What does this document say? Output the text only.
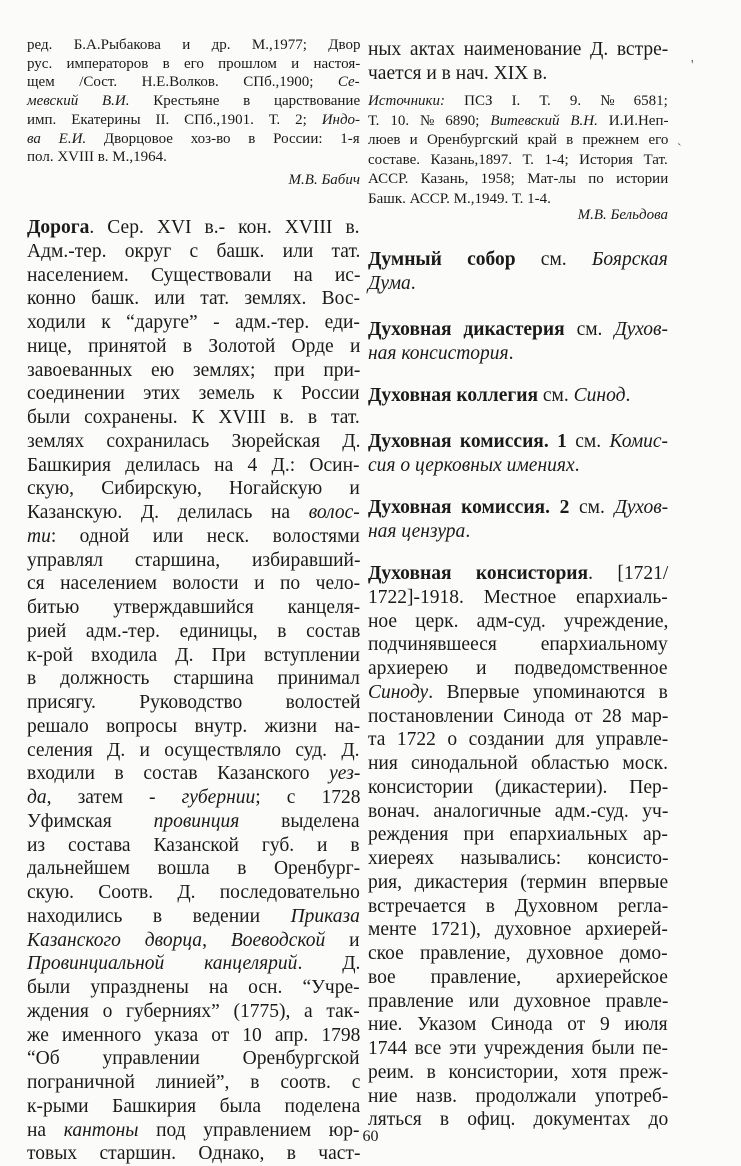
ред. Б.А.Рыбакова и др. М.,1977; Двор
рус. императоров в его прошлом и настоя-
щем /Сост. Н.Е.Волков. СПб.,1900; Се-
мевский В.И. Крестьяне в царствование
имп. Екатерины II. СПб.,1901. Т. 2; Индо-
ва Е.И. Дворцовое хоз-во в России: 1-я
пол. XVIII в. М.,1964.
М.В. Бабич
Дорога. Сер. XVI в.- кон. XVIII в.
Адм.-тер. округ с башк. или тат.
населением. Существовали на ис-
конно башк. или тат. землях. Вос-
ходили к “даруге” - адм.-тер. еди-
нице, принятой в Золотой Орде и
завоеванных ею землях; при при-
соединении этих земель к России
были сохранены. К XVIII в. в тат.
землях сохранилась Зюрейская Д.
Башкирия делилась на 4 Д.: Осин-
скую, Сибирскую, Ногайскую и
Казанскую. Д. делилась на волос-
ти: одной или неск. волостями
управлял старшина, избиравший-
ся населением волости и по чело-
битью утверждавшийся канцеля-
рией адм.-тер. единицы, в состав
к-рой входила Д. При вступлении
в должность старшина принимал
присягу. Руководство волостей
решало вопросы внутр. жизни на-
селения Д. и осуществляло суд. Д.
входили в состав Казанского уез-
да, затем - губернии; с 1728
Уфимская провинция выделена
из состава Казанской губ. и в
дальнейшем вошла в Оренбург-
скую. Соотв. Д. последовательно
находились в ведении Приказа
Казанского дворца, Воеводской и
Провинциальной канцелярий. Д.
были упразднены на осн. “Учре-
ждения о губерниях” (1775), а так-
же именного указа от 10 апр. 1798
“Об управлении Оренбургской
пограничной линией”, в соотв. с
к-рыми Башкирия была поделена
на кантоны под управлением юр-
товых старшин. Однако, в част-
ных актах наименование Д. встре-
чается и в нач. XIX в.
Источники: ПСЗ I. Т. 9. № 6581;
Т. 10. № 6890; Витевский В.Н. И.И.Неп-
люев и Оренбургский край в прежнем его
составе. Казань,1897. Т. 1-4; История Тат.
АССР. Казань, 1958; Мат-лы по истории
Башк. АССР. М.,1949. Т. 1-4.
М.В. Бельдова
Думный собор см. Боярская
Дума.
Духовная дикастерия см. Духов-
ная консистория.
Духовная коллегия см. Синод.
Духовная комиссия. 1 см. Комис-
сия о церковных имениях.
Духовная комиссия. 2 см. Духов-
ная цензура.
Духовная консистория. [1721/
1722]-1918. Местное епархиаль-
ное церк. адм-суд. учреждение,
подчинявшееся епархиальному
архиерею и подведомственное
Синоду. Впервые упоминаются в
постановлении Синода от 28 мар-
та 1722 о создании для управле-
ния синодальной областью моск.
консистории (дикастерии). Пер-
вонач. аналогичные адм.-суд. уч-
реждения при епархиальных ар-
хиереях назывались: консисто-
рия, дикастерия (термин впервые
встречается в Духовном регла-
менте 1721), духовное архиерей-
ское правление, духовное домо-
вое правление, архиерейское
правление или духовное правле-
ние. Указом Синода от 9 июля
1744 все эти учреждения были пе-
реим. в консистории, хотя преж-
ние назв. продолжали употреб-
ляться в офиц. документах до
60
'
`
